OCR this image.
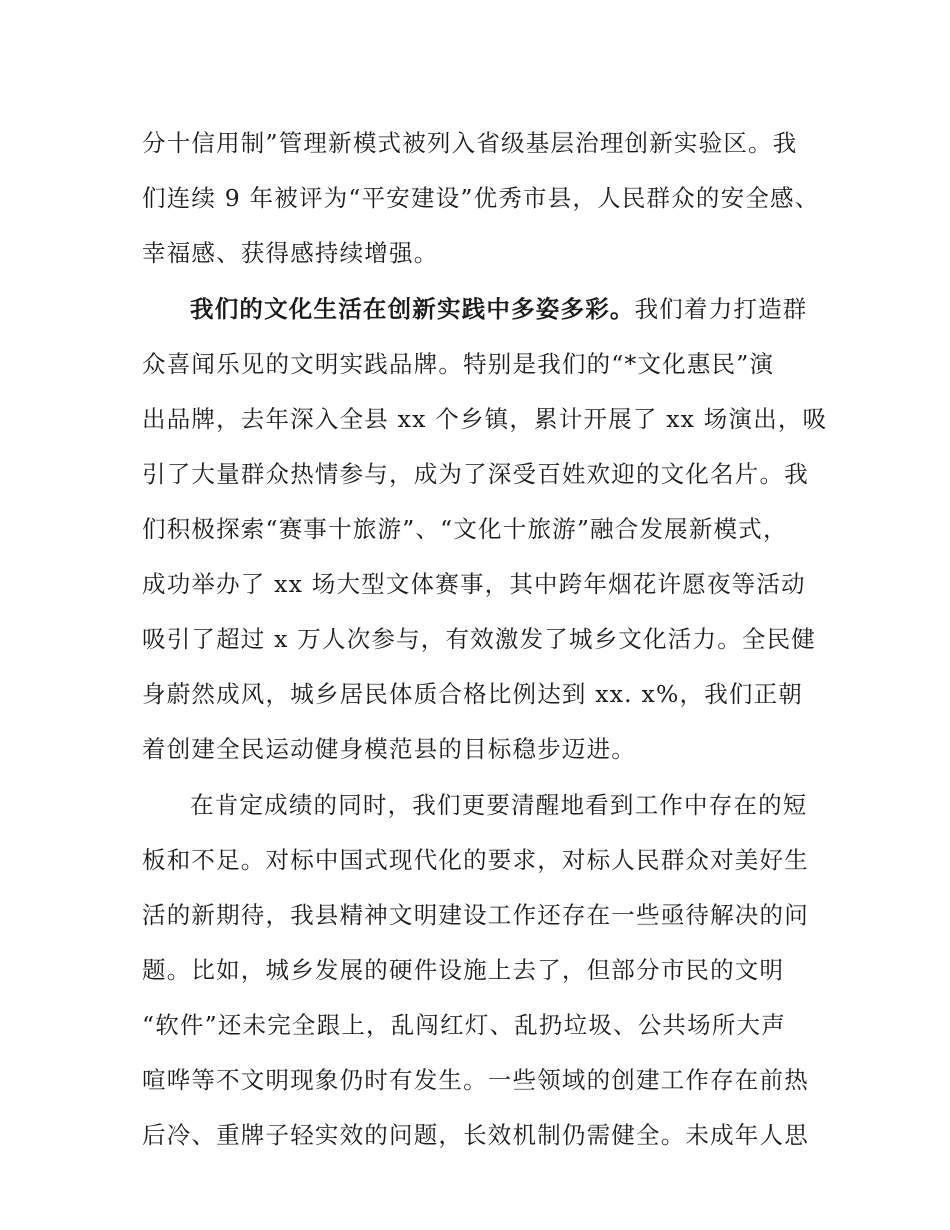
分十信用制”管理新模式被列入省级基层治理创新实验区。我
们连续 9 年被评为“平安建设”优秀市县，人民群众的安全感、
幸福感、获得感持续增强。
我们的文化生活在创新实践中多姿多彩。我们着力打造群
众喜闻乐见的文明实践品牌。特别是我们的“*文化惠民”演
出品牌，去年深入全县 xx 个乡镇，累计开展了 xx 场演出，吸
引了大量群众热情参与，成为了深受百姓欢迎的文化名片。我
们积极探索“赛事十旅游”、“文化十旅游”融合发展新模式，
成功举办了 xx 场大型文体赛事，其中跨年烟花许愿夜等活动
吸引了超过 x 万人次参与，有效激发了城乡文化活力。全民健
身蔚然成风，城乡居民体质合格比例达到 xx. x%，我们正朝
着创建全民运动健身模范县的目标稳步迈进。
在肯定成绩的同时，我们更要清醒地看到工作中存在的短
板和不足。对标中国式现代化的要求，对标人民群众对美好生
活的新期待，我县精神文明建设工作还存在一些亟待解决的问
题。比如，城乡发展的硬件设施上去了，但部分市民的文明
“软件”还未完全跟上，乱闯红灯、乱扔垃圾、公共场所大声
喧哗等不文明现象仍时有发生。一些领域的创建工作存在前热
后冷、重牌子轻实效的问题，长效机制仍需健全。未成年人思
